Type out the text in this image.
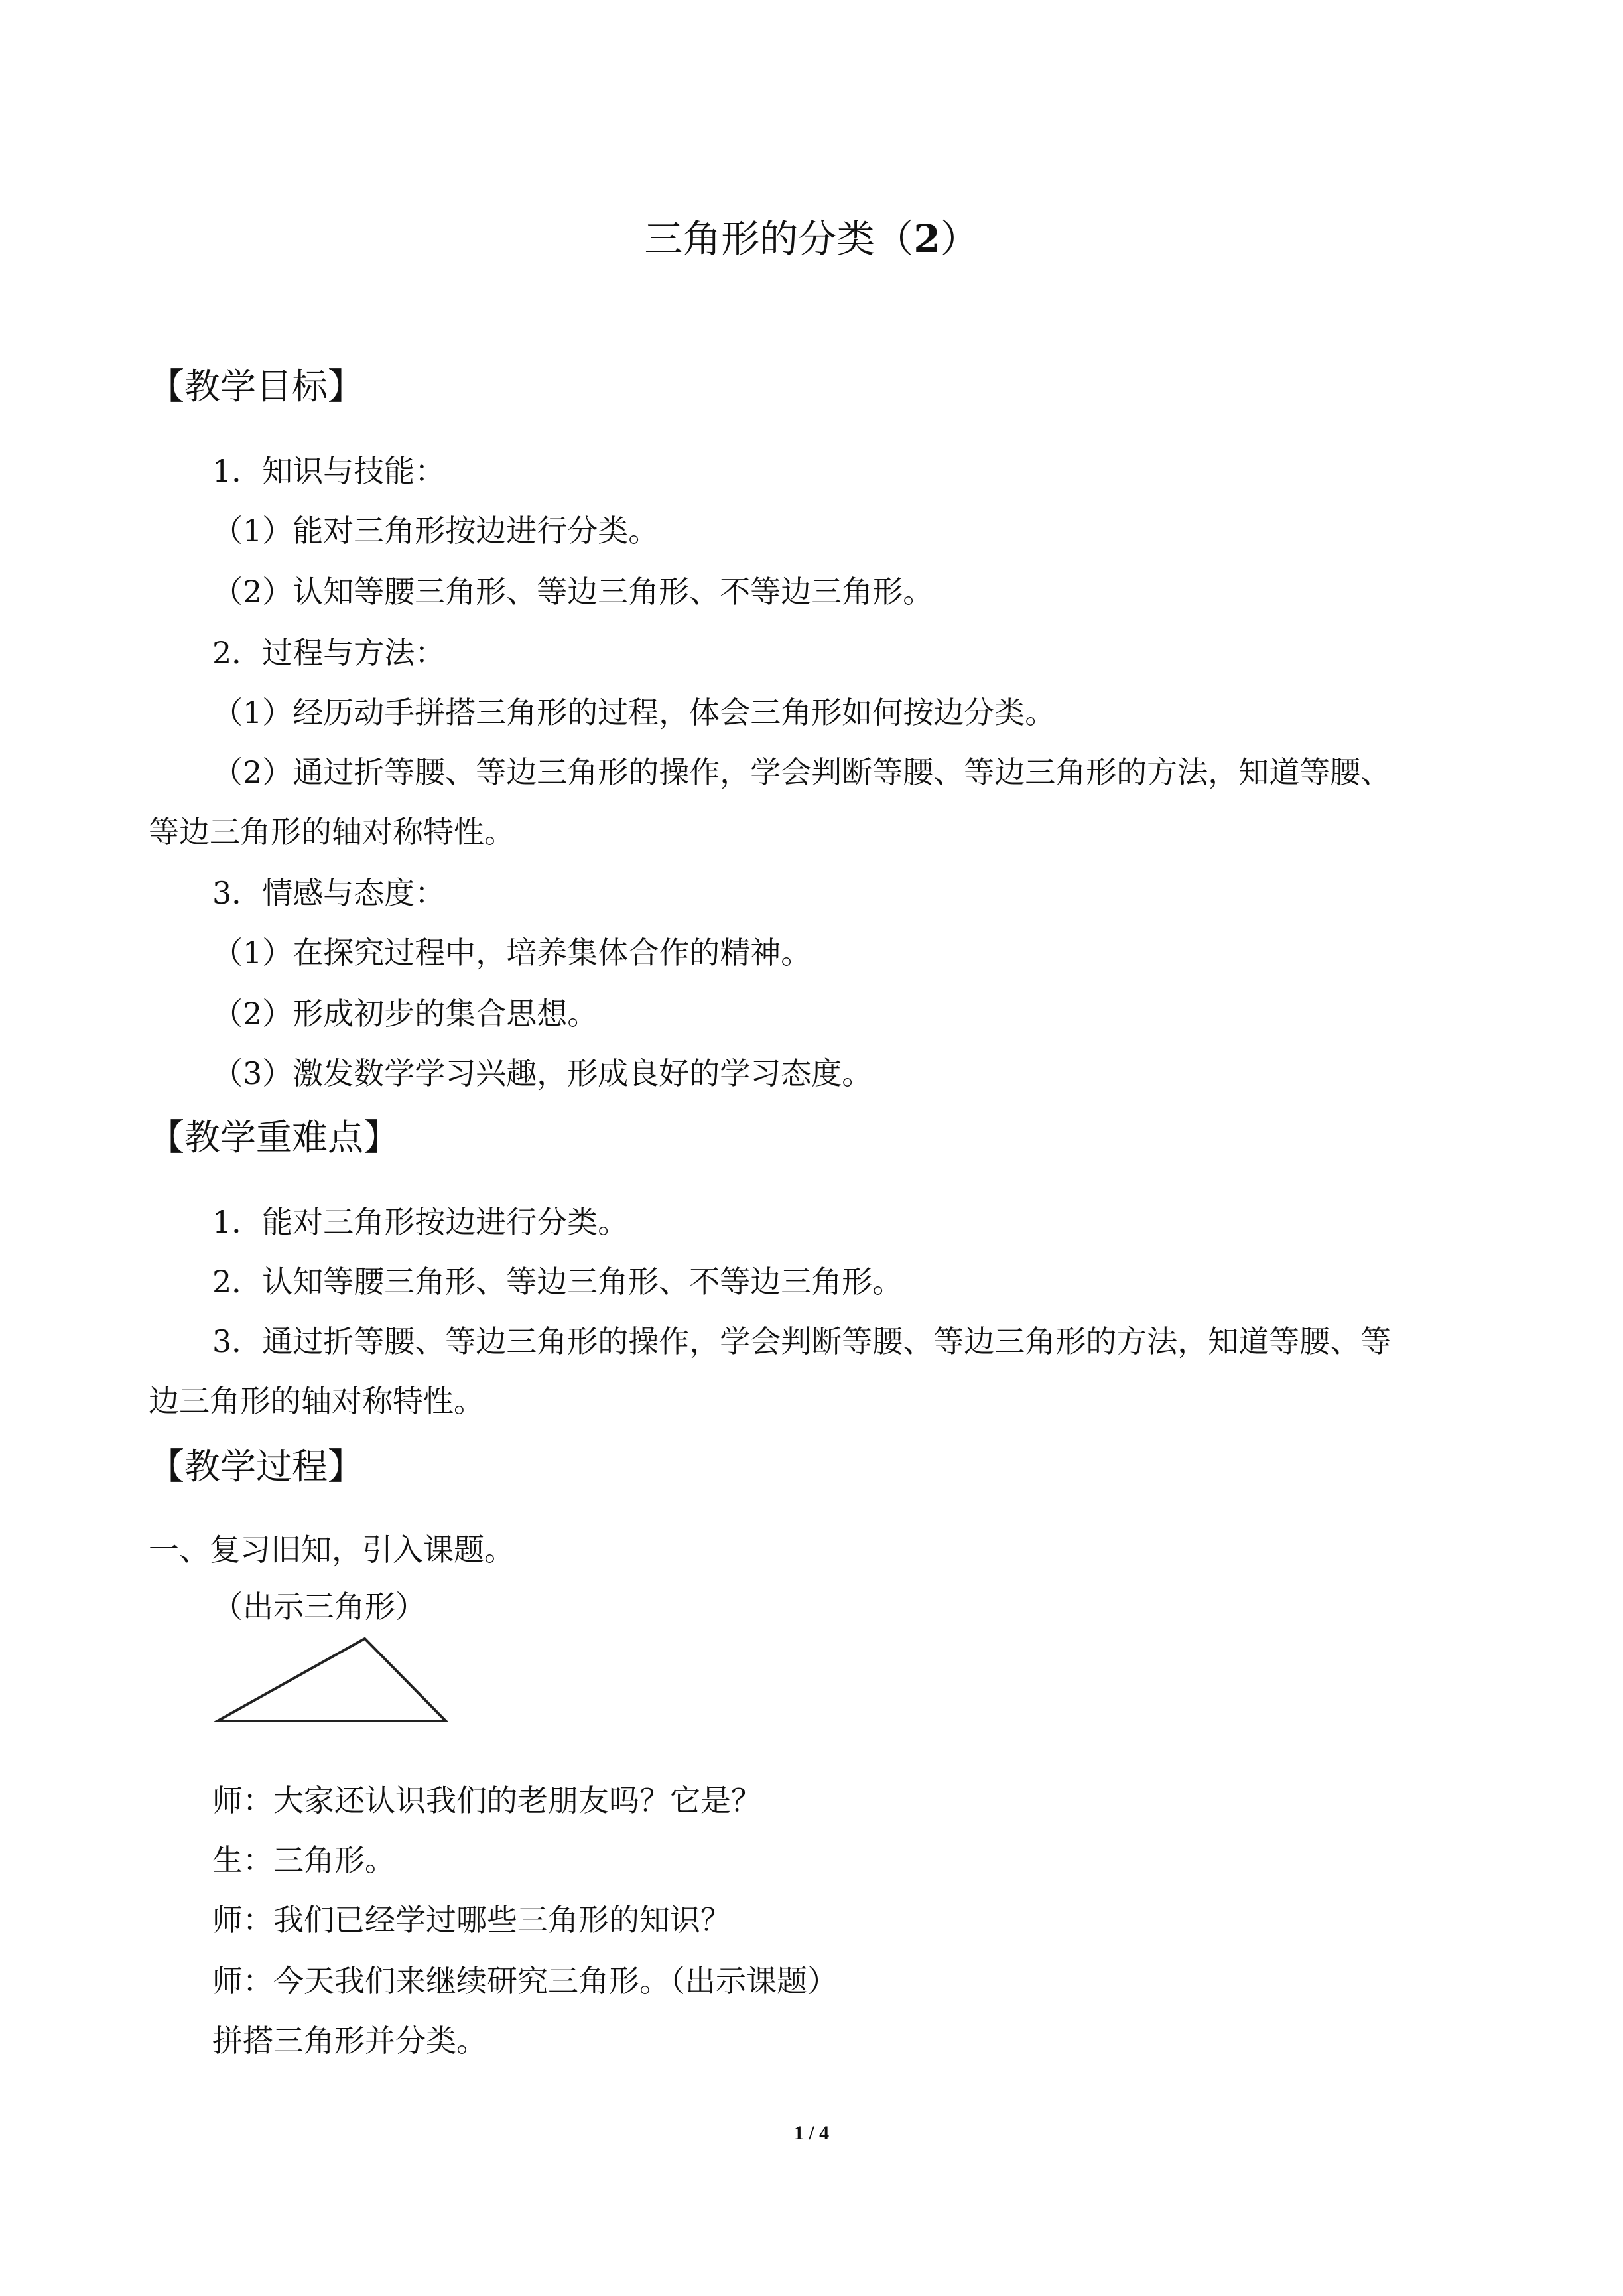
三角形的分类（2）
【教学目标】
1．知识与技能：
（1）能对三角形按边进行分类。
（2）认知等腰三角形、等边三角形、不等边三角形。
2．过程与方法：
（1）经历动手拼搭三角形的过程，体会三角形如何按边分类。
（2）通过折等腰、等边三角形的操作，学会判断等腰、等边三角形的方法，知道等腰、
等边三角形的轴对称特性。
3．情感与态度：
（1）在探究过程中，培养集体合作的精神。
（2）形成初步的集合思想。
（3）激发数学学习兴趣，形成良好的学习态度。
【教学重难点】
1．能对三角形按边进行分类。
2．认知等腰三角形、等边三角形、不等边三角形。
3．通过折等腰、等边三角形的操作，学会判断等腰、等边三角形的方法，知道等腰、等
边三角形的轴对称特性。
【教学过程】
一、复习旧知，引入课题。
（出示三角形）
师：大家还认识我们的老朋友吗？它是？
生：三角形。
师：我们已经学过哪些三角形的知识？
师：今天我们来继续研究三角形。（出示课题）
拼搭三角形并分类。
1 / 4
